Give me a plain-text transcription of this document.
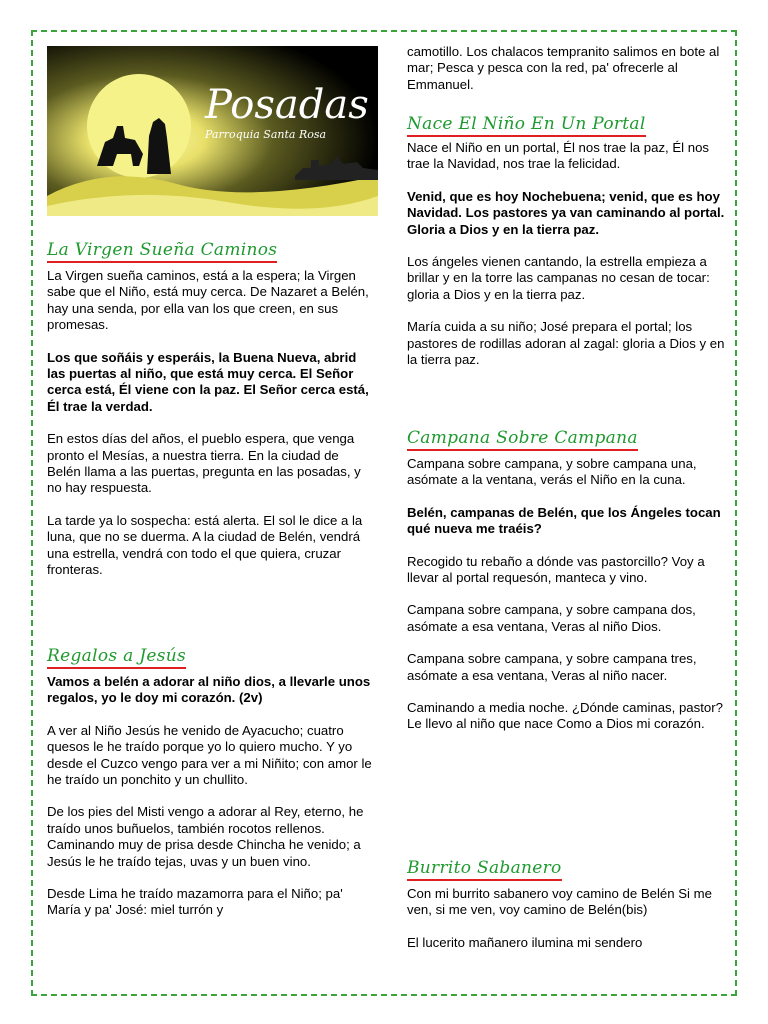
Posadas
Parroquia Santa Rosa
La Virgen Sueña Caminos

La Virgen sueña caminos, está a la espera; la Virgen sabe que el Niño, está muy cerca. De Nazaret a Belén, hay una senda, por ella van los que creen, en sus promesas.

Los que soñáis y esperáis, la Buena Nueva, abrid las puertas al niño, que está muy cerca. El Señor cerca está, Él viene con la paz. El Señor cerca está, Él trae la verdad.

En estos días del años, el pueblo espera, que venga pronto el Mesías, a nuestra tierra. En la ciudad de Belén llama a las puertas, pregunta en las posadas, y no hay respuesta.

La tarde ya lo sospecha: está alerta. El sol le dice a la luna, que no se duerma. A la ciudad de Belén, vendrá una estrella, vendrá con todo el que quiera, cruzar fronteras.

Regalos a Jesús

Vamos a belén a adorar al niño dios, a llevarle unos regalos, yo le doy mi corazón. (2v)

A ver al Niño Jesús he venido de Ayacucho; cuatro quesos le he traído porque yo lo quiero mucho. Y yo desde el Cuzco vengo para ver a mi Niñito; con amor le he traído un ponchito y un chullito.

De los pies del Misti vengo a adorar al Rey, eterno, he traído unos buñuelos, también rocotos rellenos. Caminando muy de prisa desde Chincha he venido; a Jesús le he traído tejas, uvas y un buen vino.

Desde Lima he traído mazamorra para el Niño; pa' María y pa' José: miel turrón y

camotillo. Los chalacos tempranito salimos en bote al mar; Pesca y pesca con la red, pa' ofrecerle al Emmanuel.

Nace El Niño En Un Portal

Nace el Niño en un portal, Él nos trae la paz, Él nos trae la Navidad, nos trae la felicidad.

Venid, que es hoy Nochebuena; venid, que es hoy Navidad. Los pastores ya van caminando al portal. Gloria a Dios y en la tierra paz.

Los ángeles vienen cantando, la estrella empieza a brillar y en la torre las campanas no cesan de tocar: gloria a Dios y en la tierra paz.

María cuida a su niño; José prepara el portal; los pastores de rodillas adoran al zagal: gloria a Dios y en la tierra paz.

Campana Sobre Campana

Campana sobre campana, y sobre campana una, asómate a la ventana, verás el Niño en la cuna.

Belén, campanas de Belén, que los Ángeles tocan qué nueva me traéis?

Recogido tu rebaño a dónde vas pastorcillo? Voy a llevar al portal requesón, manteca y vino.

Campana sobre campana, y sobre campana dos, asómate a esa ventana, Veras al niño Dios.

Campana sobre campana, y sobre campana tres, asómate a esa ventana, Veras al niño nacer.

Caminando a media noche. ¿Dónde caminas, pastor? Le llevo al niño que nace Como a Dios mi corazón.

Burrito Sabanero

Con mi burrito sabanero voy camino de Belén Si me ven, si me ven, voy camino de Belén(bis)

El lucerito mañanero ilumina mi sendero
